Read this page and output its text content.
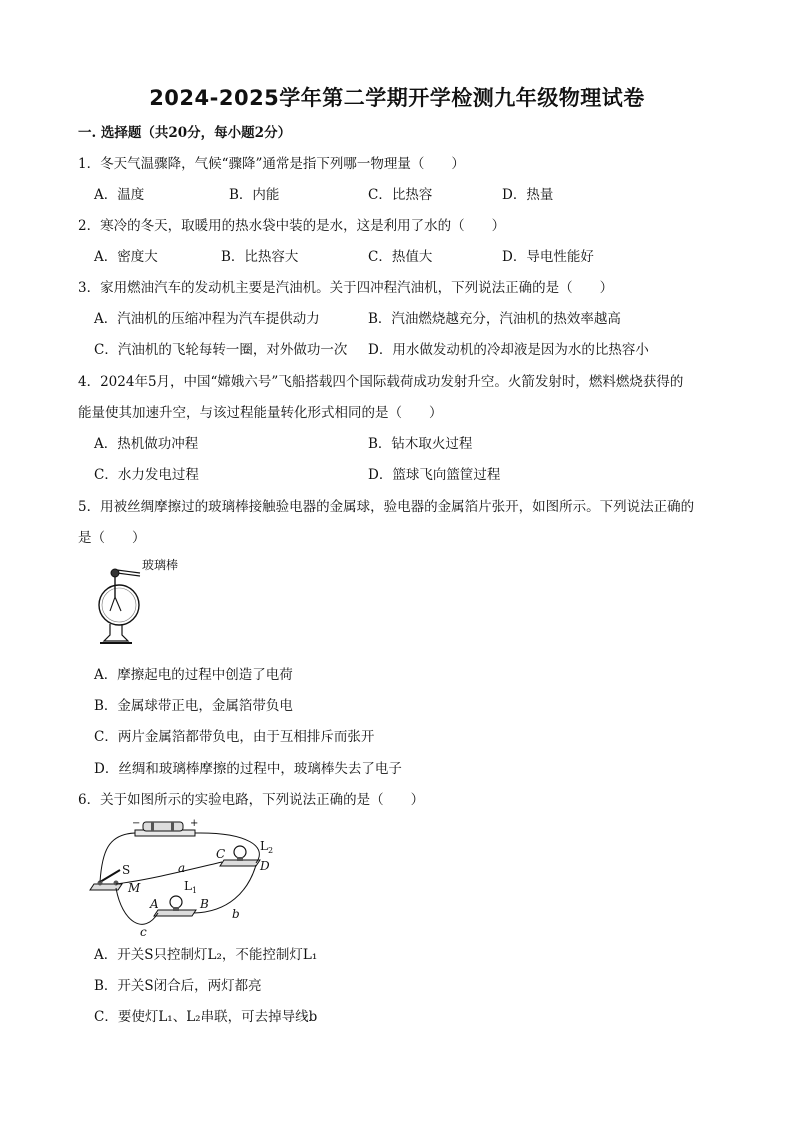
2024-2025学年第二学期开学检测九年级物理试卷
一. 选择题（共20分，每小题2分）
1．冬天气温骤降，气候“骤降”通常是指下列哪一物理量（　　）
A．温度	B．内能	C．比热容	D．热量
2．寒冷的冬天，取暖用的热水袋中装的是水，这是利用了水的（　　）
A．密度大	B．比热容大	C．热值大	D．导电性能好
3．家用燃油汽车的发动机主要是汽油机。关于四冲程汽油机，下列说法正确的是（　　）
A．汽油机的压缩冲程为汽车提供动力	B．汽油燃烧越充分，汽油机的热效率越高
C．汽油机的飞轮每转一圈，对外做功一次 D．用水做发动机的冷却液是因为水的比热容小
4．2024年5月，中国“嫦娥六号”飞船搭载四个国际载荷成功发射升空。火箭发射时，燃料燃烧获得的
能量使其加速升空，与该过程能量转化形式相同的是（　　）
A．热机做功冲程	B．钻木取火过程
C．水力发电过程	D．篮球飞向篮筐过程
5．用被丝绸摩擦过的玻璃棒接触验电器的金属球，验电器的金属箔片张开，如图所示。下列说法正确的
是（　　）
玻璃棒
A．摩擦起电的过程中创造了电荷
B．金属球带正电，金属箔带负电
C．两片金属箔都带负电，由于互相排斥而张开
D．丝绸和玻璃棒摩擦的过程中，玻璃棒失去了电子
6．关于如图所示的实验电路，下列说法正确的是（　　）
−	+
S
M	L 1
A	B
L 2
C
D
a
b
c
A．开关S只控制灯L₂，不能控制灯L₁
B．开关S闭合后，两灯都亮
C．要使灯L₁、L₂串联，可去掉导线b
